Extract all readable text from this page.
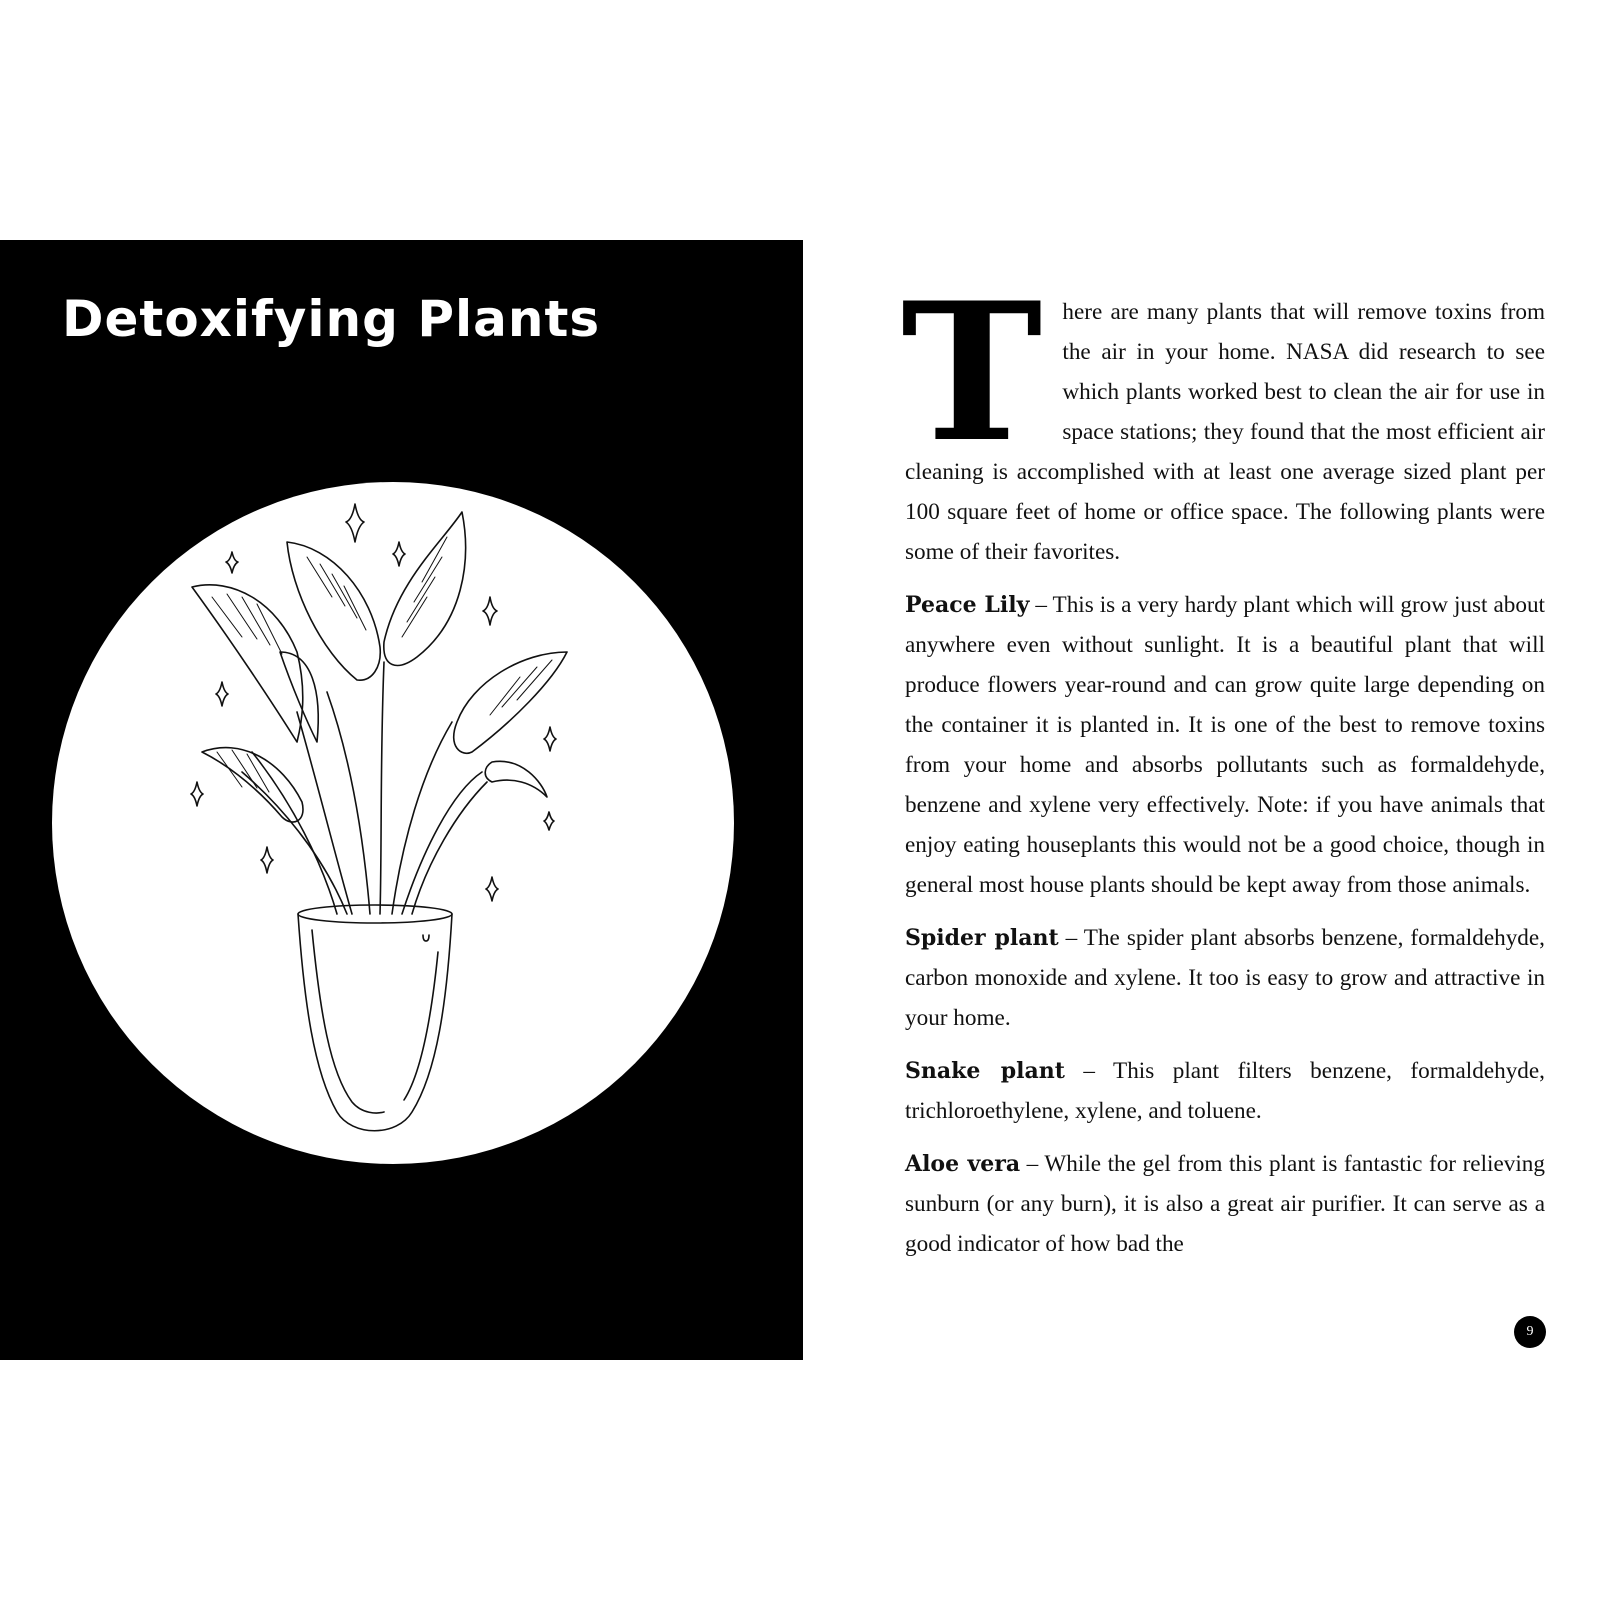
Detoxifying Plants There are many plants that will remove toxins from the air in your home. NASA did research to see which plants worked best to clean the air for use in space stations; they found that the most efficient air cleaning is accomplished with at least one average sized plant per 100 square feet of home or office space. The following plants were some of their favorites.

Peace Lily – This is a very hardy plant which will grow just about anywhere even without sunlight. It is a beautiful plant that will produce flowers year-round and can grow quite large depending on the container it is planted in. It is one of the best to remove toxins from your home and absorbs pollutants such as formaldehyde, benzene and xylene very effectively. Note: if you have animals that enjoy eating houseplants this would not be a good choice, though in general most house plants should be kept away from those animals.

Spider plant – The spider plant absorbs benzene, formaldehyde, carbon monoxide and xylene. It too is easy to grow and attractive in your home.

Snake plant – This plant filters benzene, formaldehyde, trichloroethylene, xylene, and toluene.

Aloe vera – While the gel from this plant is fantastic for relieving sunburn (or any burn), it is also a great air purifier. It can serve as a good indicator of how bad the

9
